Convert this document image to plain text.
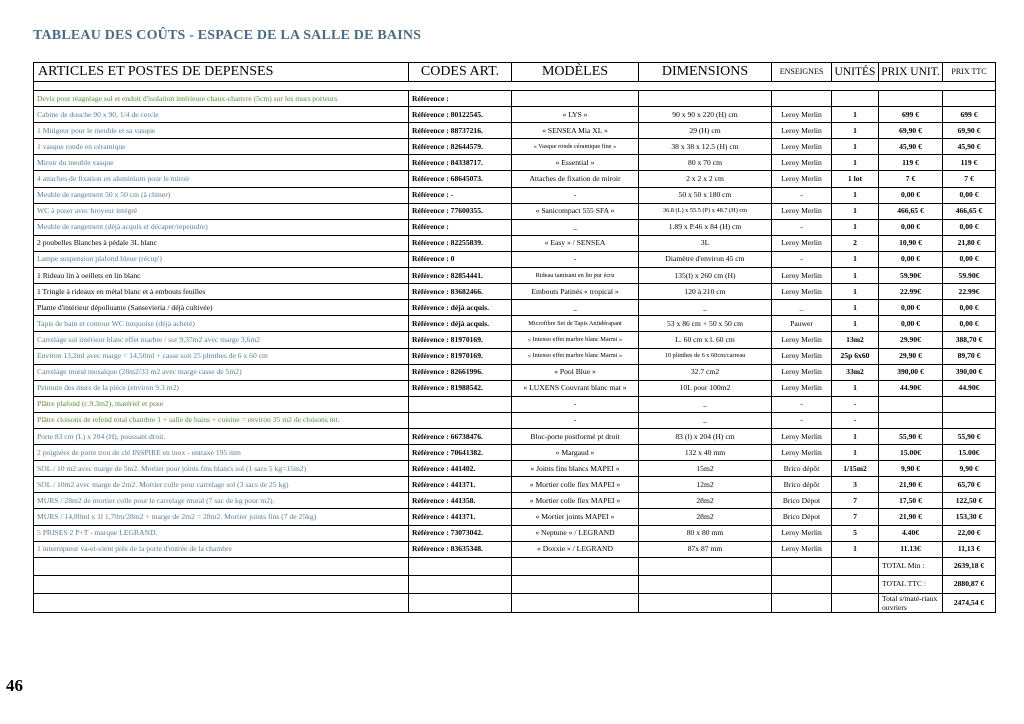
TABLEAU DES COÛTS - ESPACE DE LA SALLE DE BAINS
ARTICLES ET POSTES DE DEPENSES	CODES ART.	MODÈLES	DIMENSIONS	ENSEIGNES	UNITÉS	PRIX UNIT.	PRIX TTC

Devis pour réagréage sol et enduit d'isolation intérieure chaux-chanvre (5cm) sur les murs porteurs	Référence :						
Cabine de douche 90 x 90, 1/4 de cercle	Référence : 80122545.	« LYS »	90 x 90 x 220 (H) cm	Leroy Merlin	1	699 €	699 €
1 Mitigeur pour le meuble et sa vasque	Référence : 88737216.	« SENSEA Mia XL »	29 (H) cm	Leroy Merlin	1	69,90 €	69,90 €
1 vasque ronde en céramique	Référence : 82644579.	« Vasque ronde céramique fine »	38 x 38 x 12.5 (H) cm	Leroy Merlin	1	45,90 €	45,90 €
Miroir du meuble vasque	Référence : 84338717.	« Essential »	80 x 70 cm	Leroy Merlin	1	119 €	119 €
4 attaches de fixation en aluminium pour le miroir	Référence : 68645073.	Attaches de fixation de miroir	2 x 2 x 2 cm	Leroy Merlin	1 lot	7 €	7 €
Meuble de rangement 50 x 50 cm (à chiner)	Référence : -	-	50 x 50 x 180 cm	-	1	0,00 €	0,00 €
WC à poser avec broyeur intégré	Référence : 77600355.	« Sanicompact 555 SFA »	36.8 (L) x 55.5 (P) x 48.7 (H) cm	Leroy Merlin	1	466,65 €	466,65 €
Meuble de rangement (déjà acquis et décaper/repeindre)	Référence :	_	1.89 x P.46 x 84 (H) cm	-	1	0,00 €	0,00 €
2 poubelles Blanches à pédale 3L blanc	Référence : 82255839.	« Easy » / SENSEA	3L	Leroy Merlin	2	10,90 €	21,80 €
Lampe suspension plafond bleue (récup')	Référence : 0	-	Diamètre d'environ 45 cm	-	1	0,00 €	0,00 €
1 Rideau lin à oeillets en lin blanc	Référence : 82854441.	Rideau tamisant en lin pur écru	135(l) x 260 cm (H)	Leroy Merlin	1	59.90€	59.90€
1 Tringle à rideaux en métal blanc et à embouts feuilles	Référence : 83682466.	Embouts Patinés « tropical »	120 à 210 cm	Leroy Merlin	1	22.99€	22.99€
Plante d'intérieur dépolluante (Sansevieria / déjà cultivée)	Référence : déjà acquis.	_	_	_	1	0,00 €	0,00 €
Tapis de bain et contour WC turquoise (déjà acheté)	Référence : déjà acquis.	Microfibre Set de Tapis Antidérapant	53 x 86 cm + 50 x 50 cm	Pauwer	1	0,00 €	0,00 €
Carrelage sol intérieur blanc effet marbre / sur 9,37m2 avec marge 3,6m2	Référence : 81970169.	« Intenso effet marbre blanc Marmi »	L. 60 cm x l. 60 cm	Leroy Merlin	13m2	29.90€	388,70 €
Environ 13,2ml avec marge = 14,50ml + casse soit 25 plinthes de 6 x 60 cm	Référence : 81970169.	« Intenso effet marbre blanc Marmi »	10 plinthes de 6 x 60cm/carreau	Leroy Merlin	25p 6x60	29,90 €	89,70 €
Carrelage mural mosaïque (28m2/33 m2 avec marge casse de 5m2)	Référence : 82661996.	« Pool Blue »	32.7 cm2	Leroy Merlin	33m2	390,00 €	390,00 €
Peinture des murs de la pièce (environ 9.3 m2)	Référence : 81988542.	« LUXENS Couvrant blanc mat »	10L pour 100m2	Leroy Merlin	1	44.90€	44.90€
Plâtre plafond (c.9.3m2), matériel et pose		-	_	-	-		
Plâtre cloisons de refend total chambre 1 + salle de bains + cuisine = environ 35 m2 de cloisons int.		-	_	-	-		
Porte 83 cm (L) x 204 (H), poussant droit.	Référence : 66738476.	Bloc-porte postformé pt droit	83 (l) x 204 (H) cm	Leroy Merlin	1	55,90 €	55,90 €
2 poignées de porte trou de clé INSPIRE en inox - entraxe 195 mm	Référence : 70641382.	« Margaud »	132 x 40 mm	Leroy Merlin	1	15.00€	15.00€
SOL / 10 m2 avec marge de 5m2. Mortier pour joints fins blancs sol (1 sacs 5 kg=15m2)	Référence : 441402.	« Joints fins blancs MAPEI »	15m2	Brico dépôt	1/15m2	9,90 €	9,90 €
SOL / 10m2 avec marge de 2m2. Mortier colle pour carrelage sol (3 sacs de 25 kg)	Référence : 441371.	« Mortier colle flex MAPEI »	12m2	Brico dépôt	3	21,90 €	65,70 €
MURS / 28m2 de mortier colle pour le carrelage mural (7 sac de kg pour m2).	Référence : 441358.	« Mortier colle flex MAPEI »	28m2	Brico Dépot	7	17,50 €	122,50 €
MURS / 14,80ml x 1l 1,70m/28m2 + marge de 2m2 = 28m2. Mortier joints fins (7 de 25kg)	Référence : 441371.	« Mortier joints MAPEI »	28m2	Brico Dépot	7	21,90 €	153,30 €
5 PRISES 2 P+T - marque LEGRAND.	Référence : 73073042.	« Neptune » / LEGRAND	80 x 80 mm	Leroy Merlin	5	4.40€	22,00 €
1 interrupteur va-et-vient près de la porte d'entrée de la chambre	Référence : 83635348.	« Doxxie » / LEGRAND	87x 87 mm	Leroy Merlin	1	11.13€	11,13 €
						TOTAL Min :	2639,18 €
						TOTAL TTC :	2880,87 €
						Total s/maté-riaux ouvriers	2474,54 €
46
